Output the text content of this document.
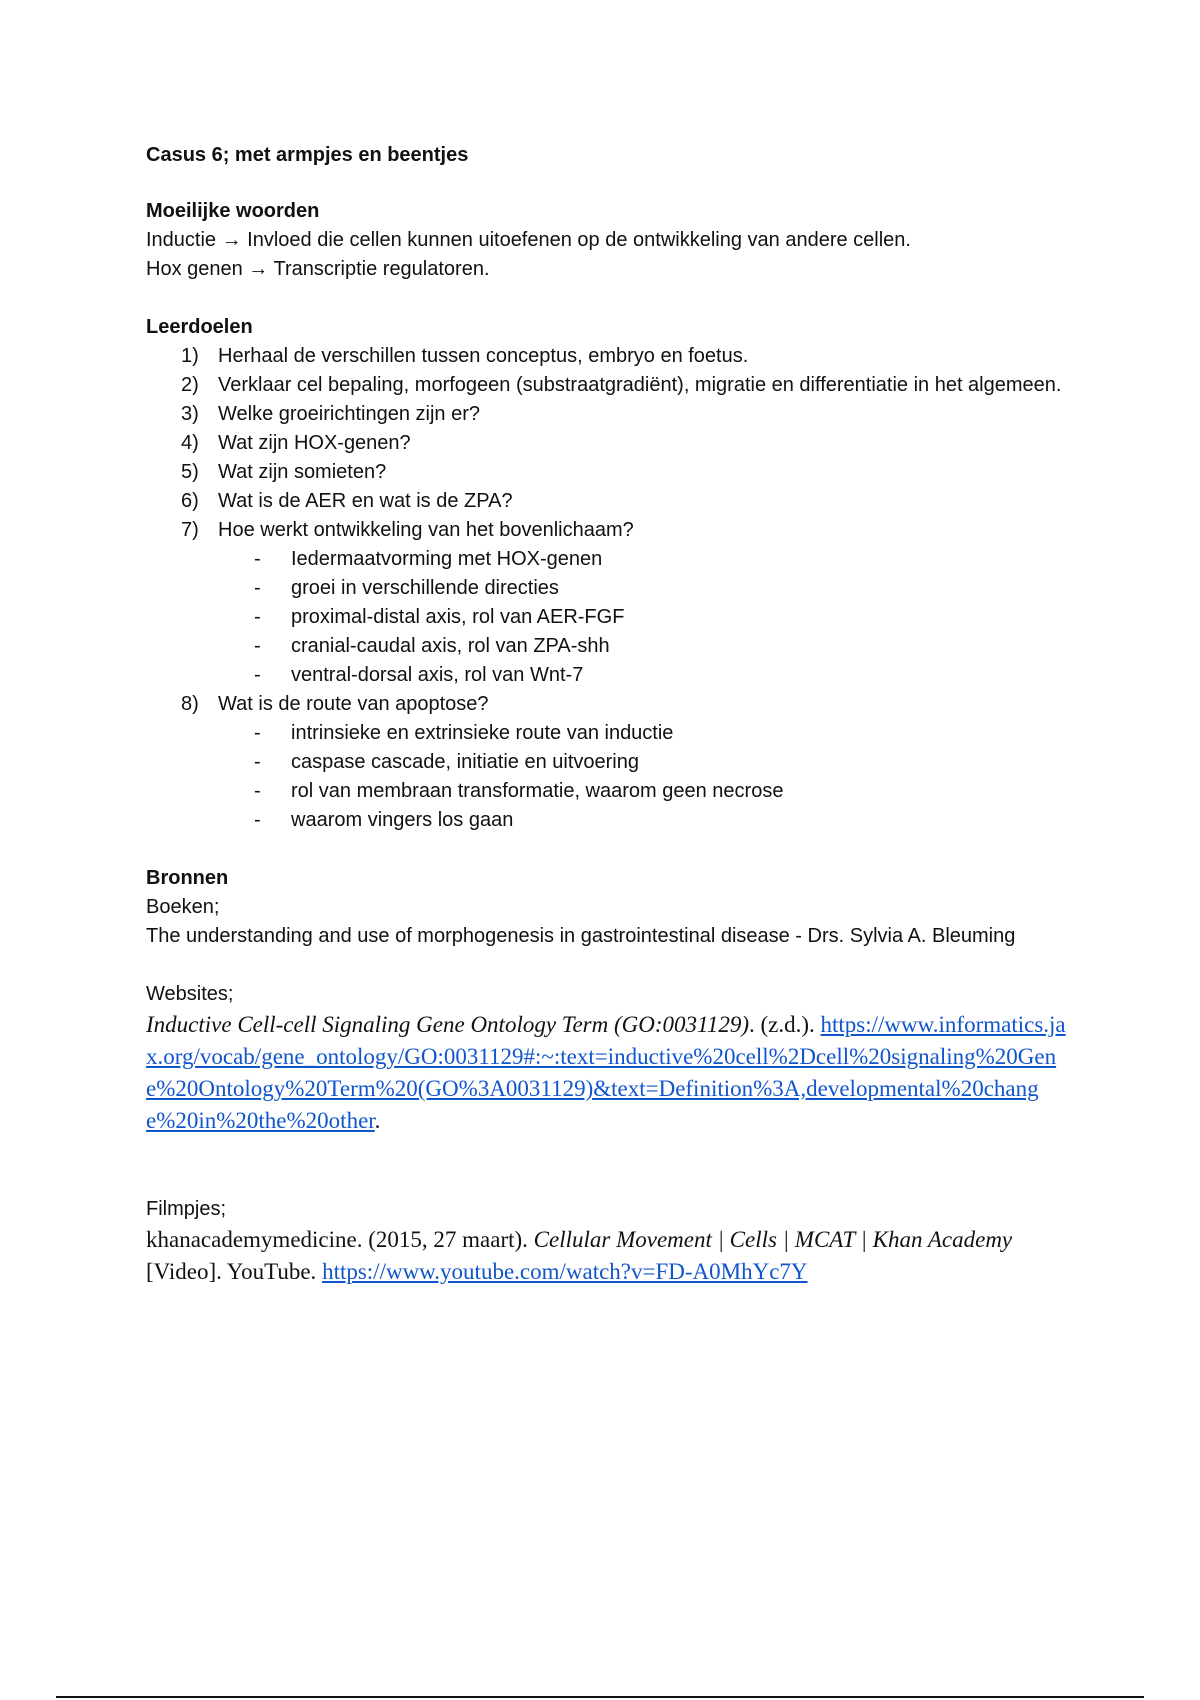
Casus 6; met armpjes en beentjes

Moeilijke woorden

Inductie → Invloed die cellen kunnen uitoefenen op de ontwikkeling van andere cellen.

Hox genen → Transcriptie regulatoren.

Leerdoelen

1) Herhaal de verschillen tussen conceptus, embryo en foetus.
2) Verklaar cel bepaling, morfogeen (substraatgradiënt), migratie en differentiatie in het algemeen.
3) Welke groeirichtingen zijn er?
4) Wat zijn HOX-genen?
5) Wat zijn somieten?
6) Wat is de AER en wat is de ZPA?
7) Hoe werkt ontwikkeling van het bovenlichaam?
- Iedermaatvorming met HOX-genen
- groei in verschillende directies
- proximal-distal axis, rol van AER-FGF
- cranial-caudal axis, rol van ZPA-shh
- ventral-dorsal axis, rol van Wnt-7
8) Wat is de route van apoptose?
- intrinsieke en extrinsieke route van inductie
- caspase cascade, initiatie en uitvoering
- rol van membraan transformatie, waarom geen necrose
- waarom vingers los gaan

Bronnen

Boeken;

The understanding and use of morphogenesis in gastrointestinal disease - Drs. Sylvia A. Bleuming

Websites;

Inductive Cell-cell Signaling Gene Ontology Term (GO:0031129). (z.d.). https://www.informatics.jax.org/vocab/gene_ontology/GO:0031129#:~:text=inductive%20cell%2Dcell%20signaling%20Gene%20Ontology%20Term%20(GO%3A0031129)&text=Definition%3A,developmental%20change%20in%20the%20other.

Filmpjes;

khanacademymedicine. (2015, 27 maart). Cellular Movement | Cells | MCAT | Khan Academy [Video]. YouTube. https://www.youtube.com/watch?v=FD-A0MhYc7Y
